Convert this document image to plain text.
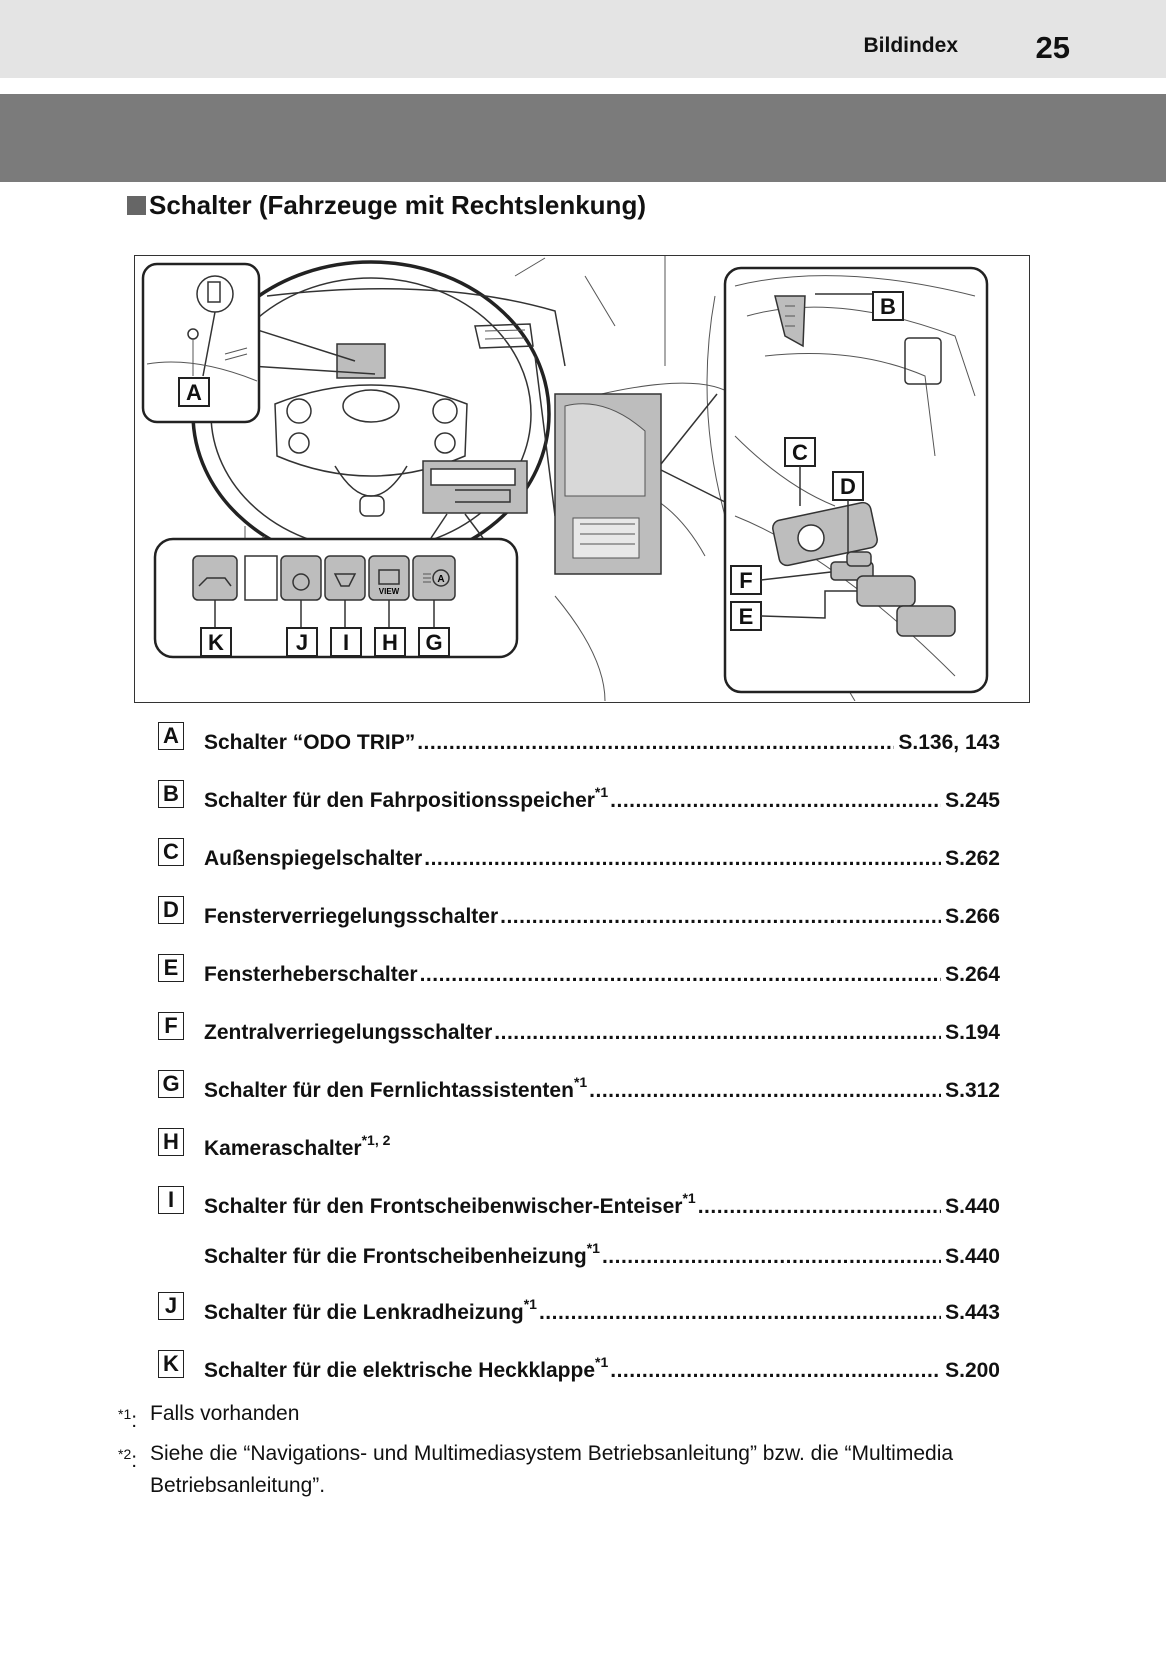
Bildindex	25
Schalter (Fahrzeuge mit Rechtslenkung)
A
VIEW
A
K	J I H G
B
C
D
F
E
A Schalter “ODO TRIP” .....	S.136, 143
B Schalter für den Fahrpositionsspeicher$^{*1}$ .....	S.245
C Außenspiegelschalter .....	S.262
D Fensterverriegelungsschalter .....	S.266
E Fensterheberschalter .....	S.264
F Zentralverriegelungsschalter .....	S.194
G Schalter für den Fernlichtassistenten$^{*1}$ .....	S.312
H Kameraschalter$^{*1, 2}$
I	Schalter für den Frontscheibenwischer-Enteiser$^{*1}$ .....	S.440
Schalter für die Frontscheibenheizung$^{*1}$ .....	S.440
J	Schalter für die Lenkradheizung$^{*1}$ .....	S.443
K Schalter für die elektrische Heckklappe$^{*1}$ .....	S.200
$^{*1}$: Falls vorhanden
$^{*2}$: Siehe die “Navigations- und Multimediasystem Betriebsanleitung” bzw. die “Multimedia Betriebsanleitung”.
